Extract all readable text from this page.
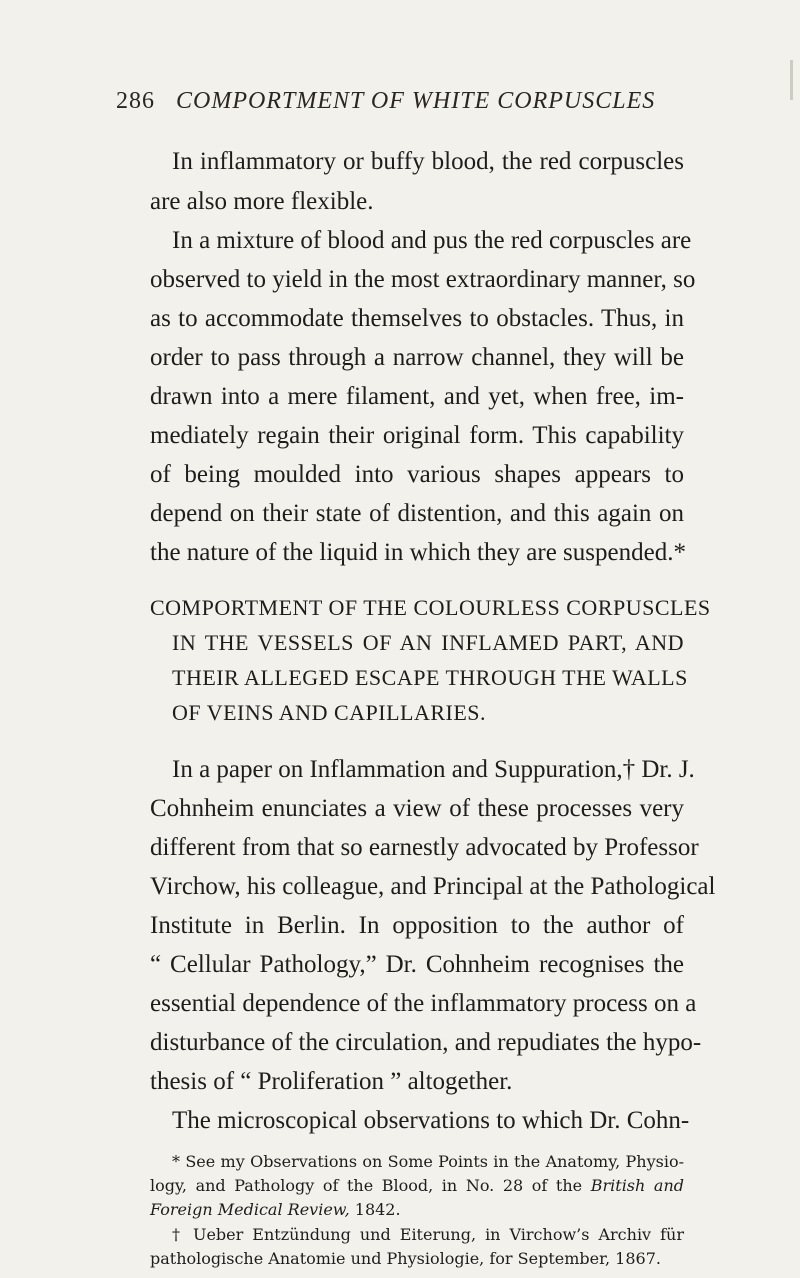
286 COMPORTMENT OF WHITE CORPUSCLES
In inflammatory or buffy blood, the red corpuscles
are also more flexible.
In a mixture of blood and pus the red corpuscles are
observed to yield in the most extraordinary manner, so
as to accommodate themselves to obstacles. Thus, in
order to pass through a narrow channel, they will be
drawn into a mere filament, and yet, when free, im-
mediately regain their original form. This capability
of being moulded into various shapes appears to
depend on their state of distention, and this again on
the nature of the liquid in which they are suspended.*
COMPORTMENT OF THE COLOURLESS CORPUSCLES
IN THE VESSELS OF AN INFLAMED PART, AND
THEIR ALLEGED ESCAPE THROUGH THE WALLS
OF VEINS AND CAPILLARIES.
In a paper on Inflammation and Suppuration,† Dr. J.
Cohnheim enunciates a view of these processes very
different from that so earnestly advocated by Professor
Virchow, his colleague, and Principal at the Pathological
Institute in Berlin. In opposition to the author of
“ Cellular Pathology,” Dr. Cohnheim recognises the
essential dependence of the inflammatory process on a
disturbance of the circulation, and repudiates the hypo-
thesis of “ Proliferation ” altogether.
The microscopical observations to which Dr. Cohn-
* See my Observations on Some Points in the Anatomy, Physio-
logy, and Pathology of the Blood, in No. 28 of the British and
Foreign Medical Review, 1842.
† Ueber Entzündung und Eiterung, in Virchow’s Archiv für
pathologische Anatomie und Physiologie, for September, 1867.
